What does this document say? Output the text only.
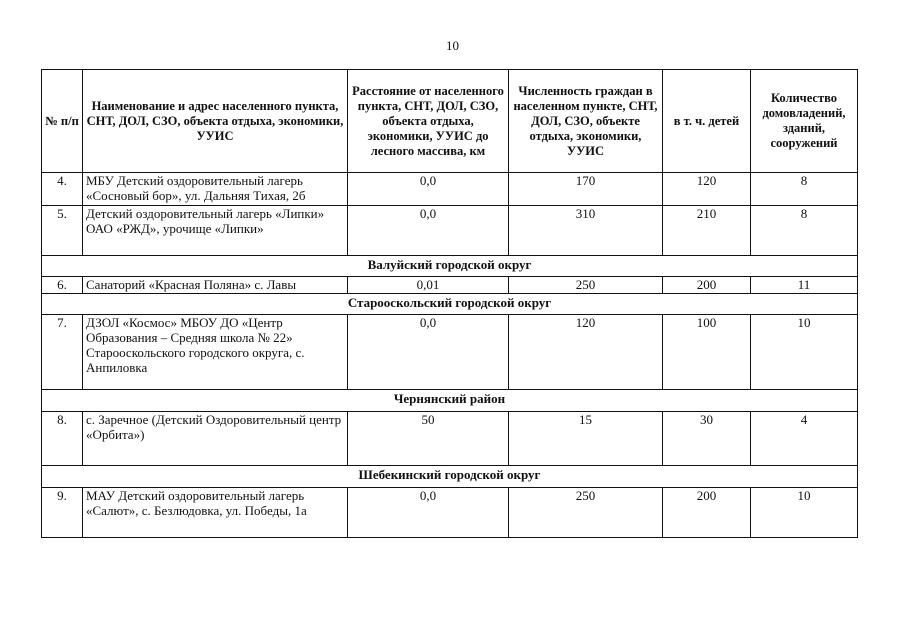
10
№ п/п	Наименование и адрес населенного пункта, СНТ, ДОЛ, СЗО, объекта отдыха, экономики, УУИС	Расстояние от населенного пункта, СНТ, ДОЛ, СЗО, объекта отдыха, экономики, УУИС до лесного массива, км	Численность граждан в населенном пункте, СНТ, ДОЛ, СЗО, объекте отдыха, экономики, УУИС	в т. ч. детей	Количество домовладений, зданий, сооружений
4.	МБУ Детский оздоровительный лагерь «Сосновый бор», ул. Дальняя Тихая, 2б	0,0	170	120	8
5.	Детский оздоровительный лагерь «Липки» ОАО «РЖД», урочище «Липки»	0,0	310	210	8
Валуйский городской округ					
6.	Санаторий «Красная Поляна» с. Лавы	0,01	250	200	11
Старооскольский городской округ					
7.	ДЗОЛ «Космос» МБОУ ДО «Центр Образования – Средняя школа № 22» Старооскольского городского округа, с. Анпиловка	0,0	120	100	10
Чернянский район					
8.	с. Заречное (Детский Оздоровительный центр «Орбита»)	50	15	30	4
Шебекинский городской округ					
9.	МАУ Детский оздоровительный лагерь «Салют», с. Безлюдовка, ул. Победы, 1а	0,0	250	200	10
